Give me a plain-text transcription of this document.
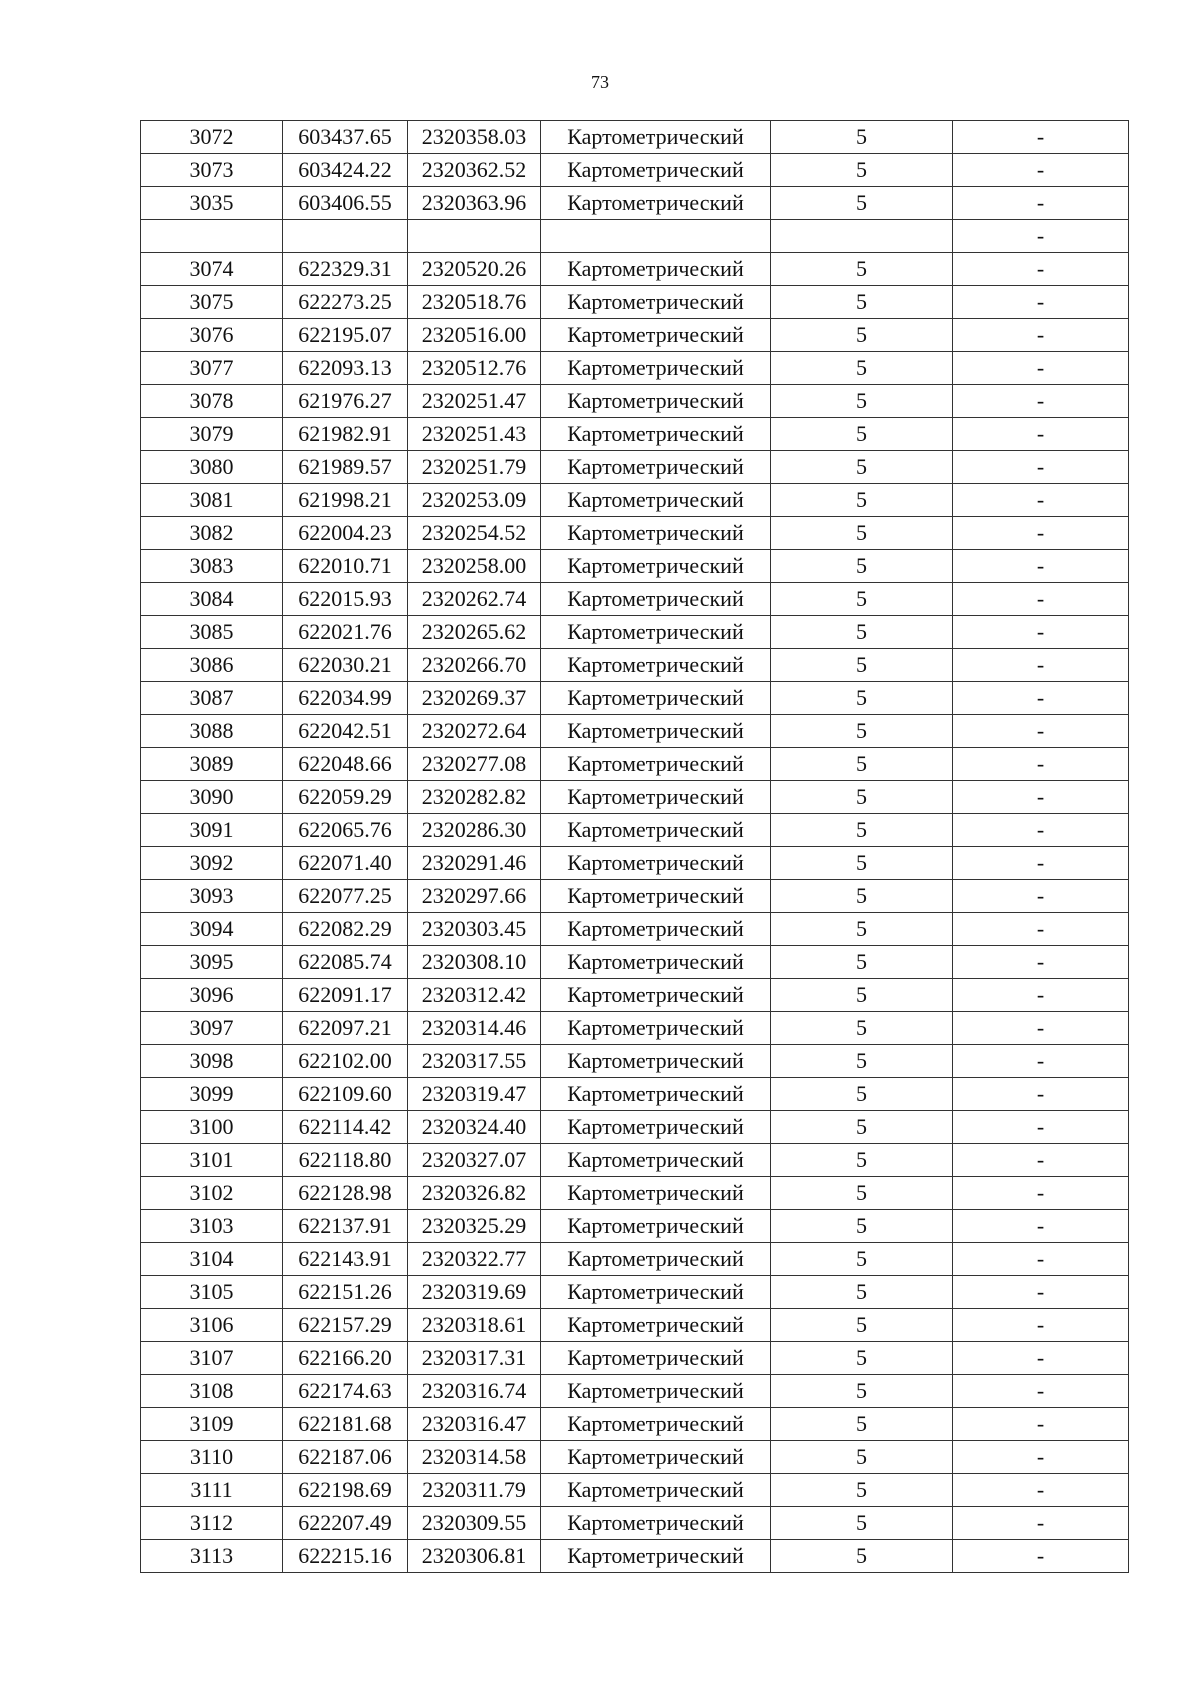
73
3072	603437.65	2320358.03	Картометрический	5	-
3073	603424.22	2320362.52	Картометрический	5	-
3035	603406.55	2320363.96	Картометрический	5	-
					-
3074	622329.31	2320520.26	Картометрический	5	-
3075	622273.25	2320518.76	Картометрический	5	-
3076	622195.07	2320516.00	Картометрический	5	-
3077	622093.13	2320512.76	Картометрический	5	-
3078	621976.27	2320251.47	Картометрический	5	-
3079	621982.91	2320251.43	Картометрический	5	-
3080	621989.57	2320251.79	Картометрический	5	-
3081	621998.21	2320253.09	Картометрический	5	-
3082	622004.23	2320254.52	Картометрический	5	-
3083	622010.71	2320258.00	Картометрический	5	-
3084	622015.93	2320262.74	Картометрический	5	-
3085	622021.76	2320265.62	Картометрический	5	-
3086	622030.21	2320266.70	Картометрический	5	-
3087	622034.99	2320269.37	Картометрический	5	-
3088	622042.51	2320272.64	Картометрический	5	-
3089	622048.66	2320277.08	Картометрический	5	-
3090	622059.29	2320282.82	Картометрический	5	-
3091	622065.76	2320286.30	Картометрический	5	-
3092	622071.40	2320291.46	Картометрический	5	-
3093	622077.25	2320297.66	Картометрический	5	-
3094	622082.29	2320303.45	Картометрический	5	-
3095	622085.74	2320308.10	Картометрический	5	-
3096	622091.17	2320312.42	Картометрический	5	-
3097	622097.21	2320314.46	Картометрический	5	-
3098	622102.00	2320317.55	Картометрический	5	-
3099	622109.60	2320319.47	Картометрический	5	-
3100	622114.42	2320324.40	Картометрический	5	-
3101	622118.80	2320327.07	Картометрический	5	-
3102	622128.98	2320326.82	Картометрический	5	-
3103	622137.91	2320325.29	Картометрический	5	-
3104	622143.91	2320322.77	Картометрический	5	-
3105	622151.26	2320319.69	Картометрический	5	-
3106	622157.29	2320318.61	Картометрический	5	-
3107	622166.20	2320317.31	Картометрический	5	-
3108	622174.63	2320316.74	Картометрический	5	-
3109	622181.68	2320316.47	Картометрический	5	-
3110	622187.06	2320314.58	Картометрический	5	-
3111	622198.69	2320311.79	Картометрический	5	-
3112	622207.49	2320309.55	Картометрический	5	-
3113	622215.16	2320306.81	Картометрический	5	-
